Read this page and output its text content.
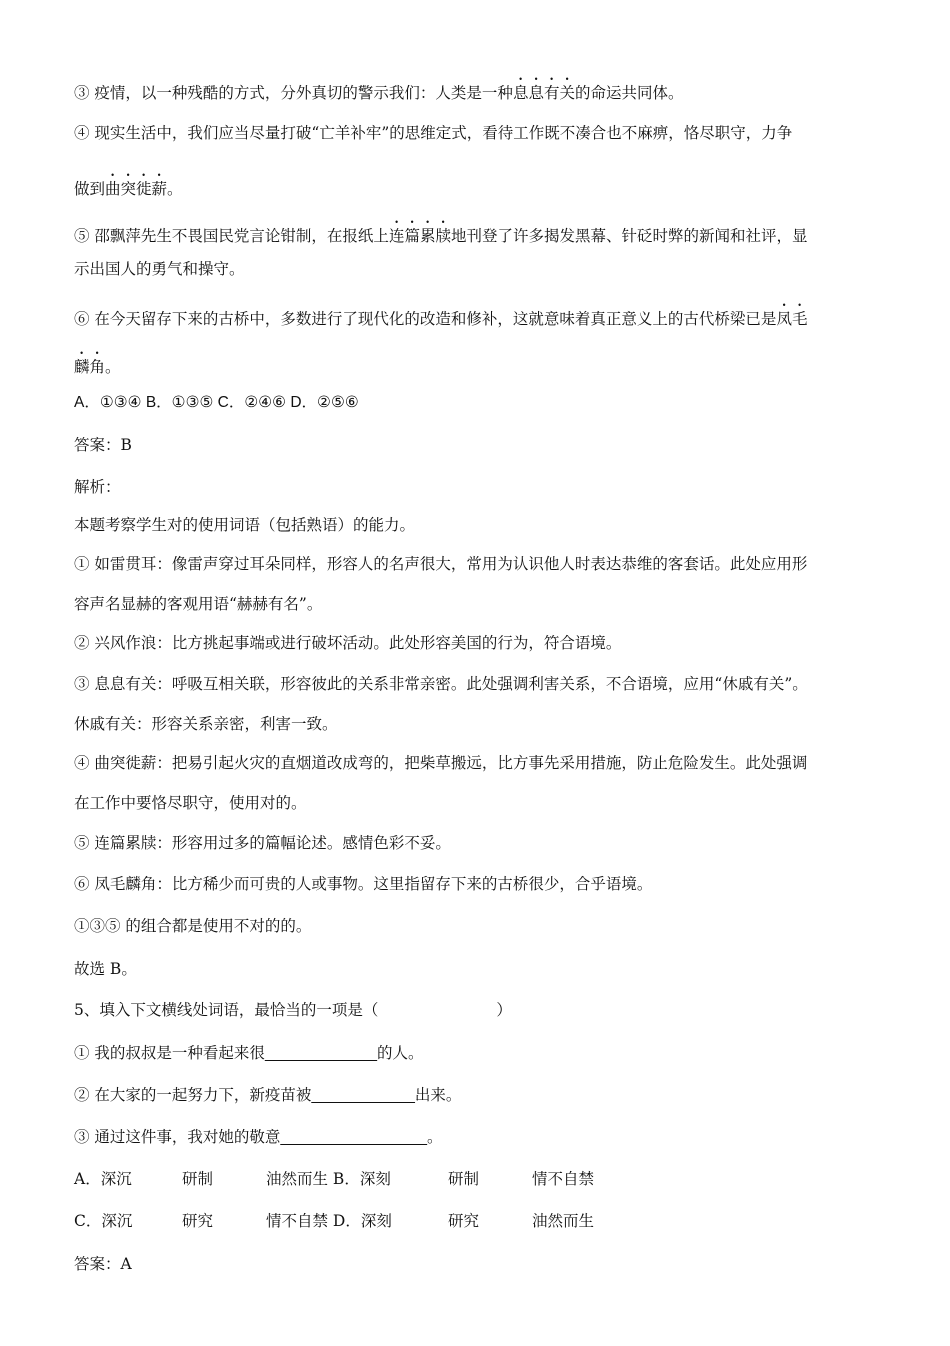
③ 疫情，以一种残酷的方式，分外真切的警示我们：人类是一种息息有关的命运共同体。
④ 现实生活中，我们应当尽量打破“亡羊补牢”的思维定式，看待工作既不凑合也不麻痹，恪尽职守，力争
做到曲突徙薪。
⑤ 邵飘萍先生不畏国民党言论钳制，在报纸上连篇累牍地刊登了许多揭发黑幕、针砭时弊的新闻和社评，显
示出国人的勇气和操守。
⑥ 在今天留存下来的古桥中，多数进行了现代化的改造和修补，这就意味着真正意义上的古代桥梁已是凤毛
麟角。
A．①③④ B．①③⑤ C．②④⑥ D．②⑤⑥
答案：B
解析：
本题考察学生对的使用词语（包括熟语）的能力。
① 如雷贯耳：像雷声穿过耳朵同样，形容人的名声很大，常用为认识他人时表达恭维的客套话。此处应用形
容声名显赫的客观用语“赫赫有名”。
② 兴风作浪：比方挑起事端或进行破坏活动。此处形容美国的行为，符合语境。
③ 息息有关：呼吸互相关联，形容彼此的关系非常亲密。此处强调利害关系，不合语境，应用“休戚有关”。
休戚有关：形容关系亲密，利害一致。
④ 曲突徙薪：把易引起火灾的直烟道改成弯的，把柴草搬远，比方事先采用措施，防止危险发生。此处强调
在工作中要恪尽职守，使用对的。
⑤ 连篇累牍：形容用过多的篇幅论述。感情色彩不妥。
⑥ 凤毛麟角：比方稀少而可贵的人或事物。这里指留存下来的古桥很少，合乎语境。
①③⑤ 的组合都是使用不对的的。
故选 B。
5、填入下文横线处词语，最恰当的一项是（	）
① 我的叔叔是一种看起来很_____________的人。
② 在大家的一起努力下，新疫苗被____________出来。
③ 通过这件事，我对她的敬意_________________。
A．深沉	研制	油然而生 B．深刻	研制	情不自禁
C．深沉	研究	情不自禁 D．深刻	研究	油然而生
答案：A
